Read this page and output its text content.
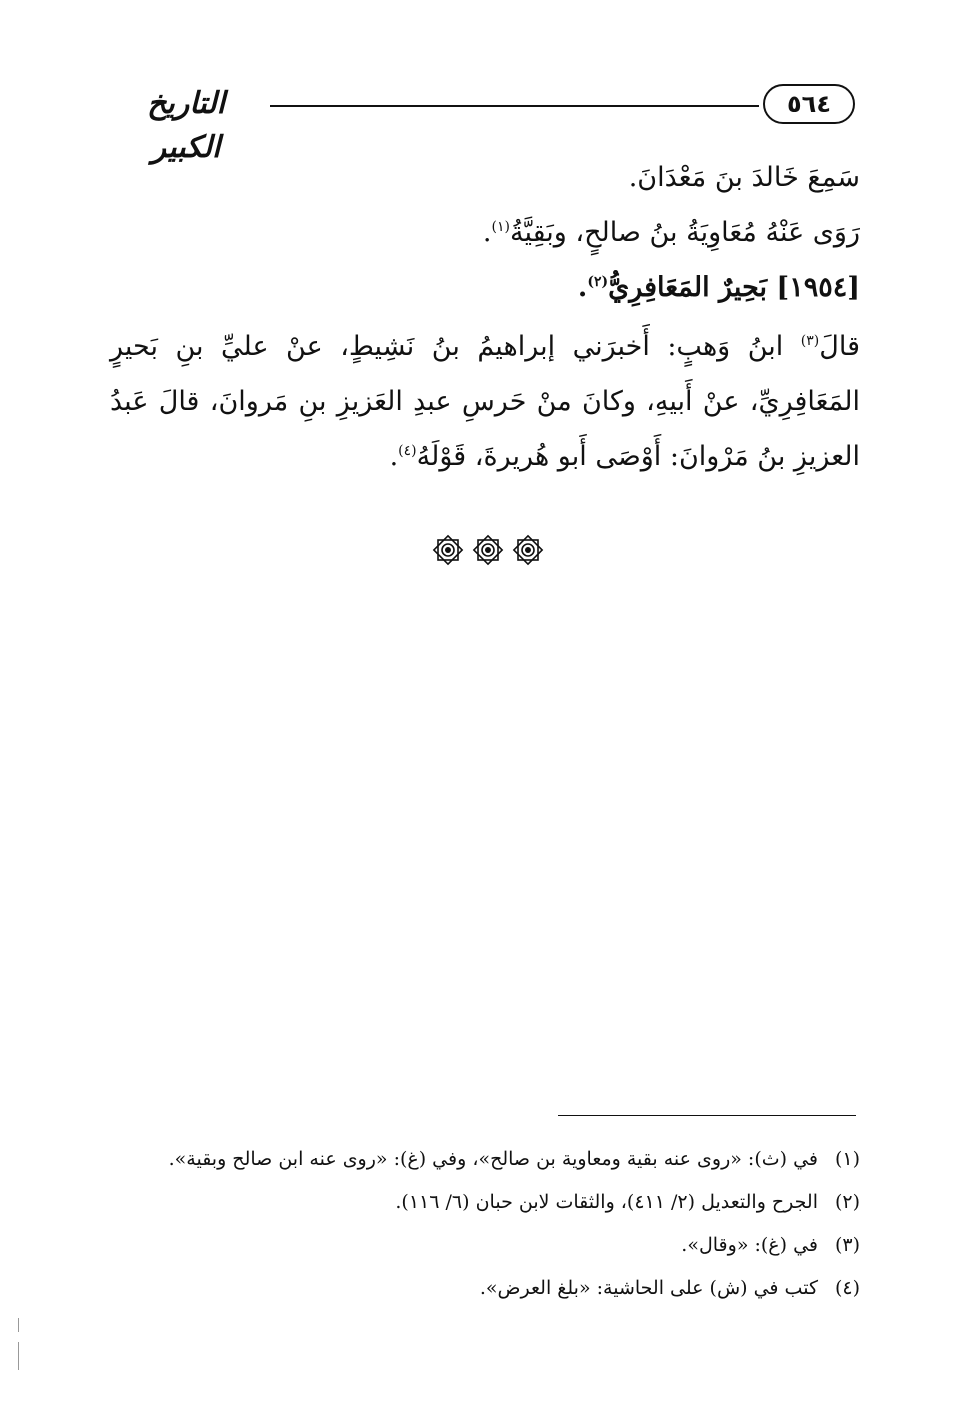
التاريخ الكبير
٥٦٤

سَمِعَ خَالدَ بنَ مَعْدَانَ.

رَوَى عَنْهُ مُعَاوِيَةُ بنُ صالحٍ، وبَقِيَّةُ$^{(١)}$.

[١٩٥٤] بَحِيرٌ المَعَافِرِيُّ$^{(٢)}$.

قالَ$^{(٣)}$ ابنُ وَهبٍ: أَخبرَني إبراهيمُ بنُ نَشِيطٍ، عنْ عليِّ بنِ بَحيرٍ المَعَافِرِيِّ، عنْ أَبيهِ، وكانَ منْ حَرسِ عبدِ العَزيزِ بنِ مَروانَ، قالَ عَبدُ العزيزِ بنُ مَرْوانَ: أَوْصَى أَبو هُريرةَ، قَوْلَهُ$^{(٤)}$.

(١)
في (ث): «روى عنه بقية ومعاوية بن صالح»، وفي (غ): «روى عنه ابن صالح وبقية».
(٢)
الجرح والتعديل (٢/ ٤١١)، والثقات لابن حبان (٦/ ١١٦).
(٣)
في (غ): «وقال».
(٤)
كتب في (ش) على الحاشية: «بلغ العرض».
